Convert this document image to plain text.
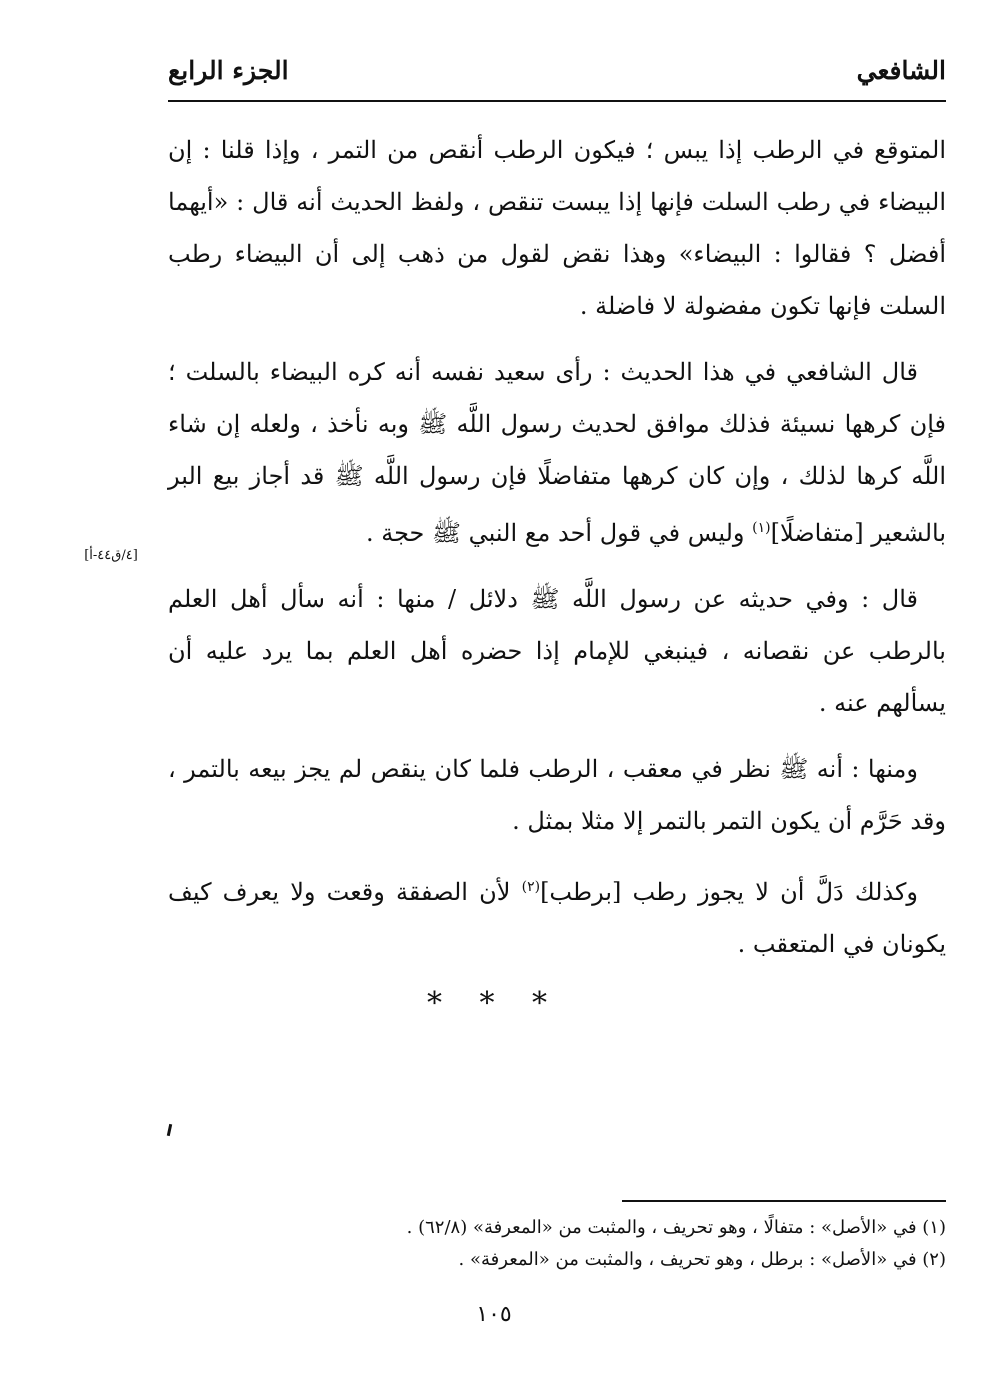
الشافعي
الجزء الرابع
[٤/ق٤٤-أ]

المتوقع في الرطب إذا يبس ؛ فيكون الرطب أنقص من التمر ، وإذا قلنا : إن البيضاء في رطب السلت فإنها إذا يبست تنقص ، ولفظ الحديث أنه قال : «أيهما أفضل ؟ فقالوا : البيضاء» وهذا نقض لقول من ذهب إلى أن البيضاء رطب السلت فإنها تكون مفضولة لا فاضلة .

قال الشافعي في هذا الحديث : رأى سعيد نفسه أنه كره البيضاء بالسلت ؛ فإن كرهها نسيئة فذلك موافق لحديث رسول اللَّه ﷺ وبه نأخذ ، ولعله إن شاء اللَّه كرها لذلك ، وإن كان كرهها متفاضلًا فإن رسول اللَّه ﷺ قد أجاز بيع البر بالشعير [متفاضلًا]$^{(١)}$ وليس في قول أحد مع النبي ﷺ حجة .

قال : وفي حديثه عن رسول اللَّه ﷺ دلائل / منها : أنه سأل أهل العلم بالرطب عن نقصانه ، فينبغي للإمام إذا حضره أهل العلم بما يرد عليه أن يسألهم عنه .

ومنها : أنه ﷺ نظر في معقب ، الرطب فلما كان ينقص لم يجز بيعه بالتمر ، وقد حَرَّم أن يكون التمر بالتمر إلا مثلا بمثل .

وكذلك دَلَّ أن لا يجوز رطب [برطب]$^{(٢)}$ لأن الصفقة وقعت ولا يعرف كيف يكونان في المتعقب .

* * *
(١) في «الأصل» : متفالًا ، وهو تحريف ، والمثبت من «المعرفة» (٦٢/٨) .
(٢) في «الأصل» : برطل ، وهو تحريف ، والمثبت من «المعرفة» .
١٠٥
